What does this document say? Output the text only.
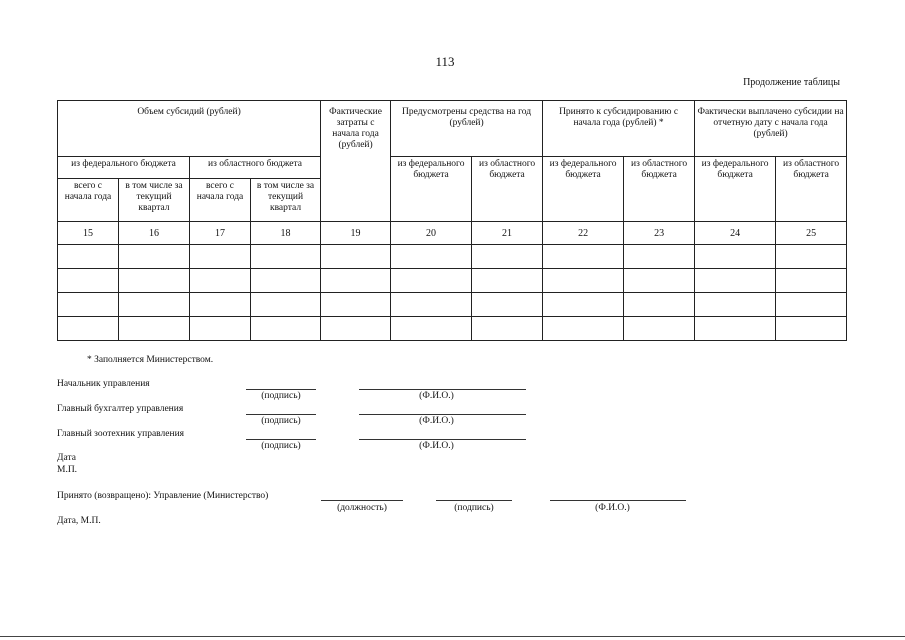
113
Продолжение таблицы
Объем субсидий (рублей)				Фактические затраты с начала года (рублей)	Предусмотрены средства на год (рублей)		Принято к субсидированию с начала года (рублей) *		Фактически выплачено субсидии на отчетную дату с начала года (рублей)	
из федерального бюджета		из областного бюджета			из федерального бюджета	из областного бюджета	из федерального бюджета	из областного бюджета	из федерального бюджета	из областного бюджета
всего с начала года	в том числе за текущий квартал	всего с начала года	в том числе за текущий квартал							
15	16	17	18	19	20	21	22	23	24	25

* Заполняется Министерством.
Начальник управления
(подпись)	(Ф.И.О.)
Главный бухгалтер управления
(подпись)	(Ф.И.О.)
Главный зоотехник управления
(подпись)	(Ф.И.О.)
Дата
М.П.
Принято (возвращено): Управление (Министерство)
(должность)	(подпись)	(Ф.И.О.)
Дата, М.П.
